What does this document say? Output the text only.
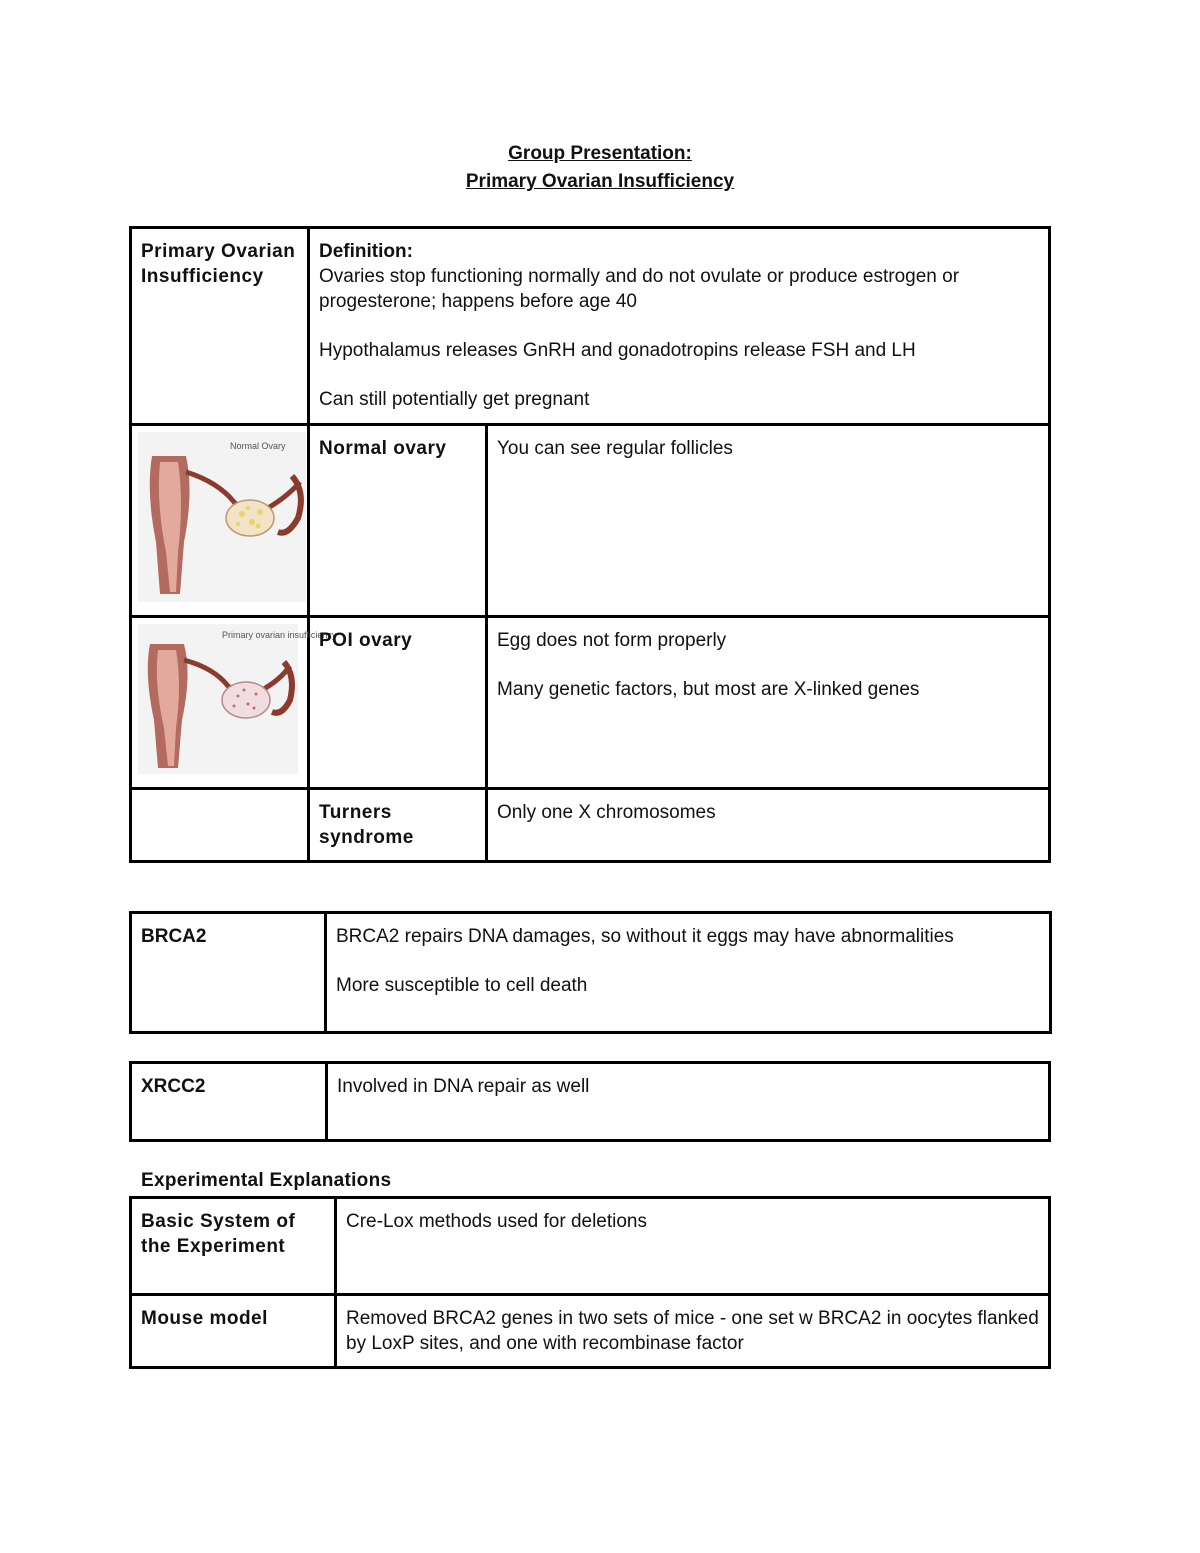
Group Presentation:
Primary Ovarian Insufficiency
Primary Ovarian Insufficiency	Definition:

Ovaries stop functioning normally and do not ovulate or produce estrogen or progesterone; happens before age 40

Hypothalamus releases GnRH and gonadotropins release FSH and LH

Can still potentially get pregnant	

Normal Ovary	Normal ovary	You can see regular follicles

Primary ovarian insufficiency	POI ovary	Egg does not form properly

Many genetic factors, but most are X-linked genes

	Turners syndrome	Only one X chromosomes
BRCA2	BRCA2 repairs DNA damages, so without it eggs may have abnormalities

More susceptible to cell death

XRCC2	Involved in DNA repair as well
Experimental Explanations
Basic System of the Experiment	Cre-Lox methods used for deletions
Mouse model	Removed BRCA2 genes in two sets of mice - one set w BRCA2 in oocytes flanked by LoxP sites, and one with recombinase factor
